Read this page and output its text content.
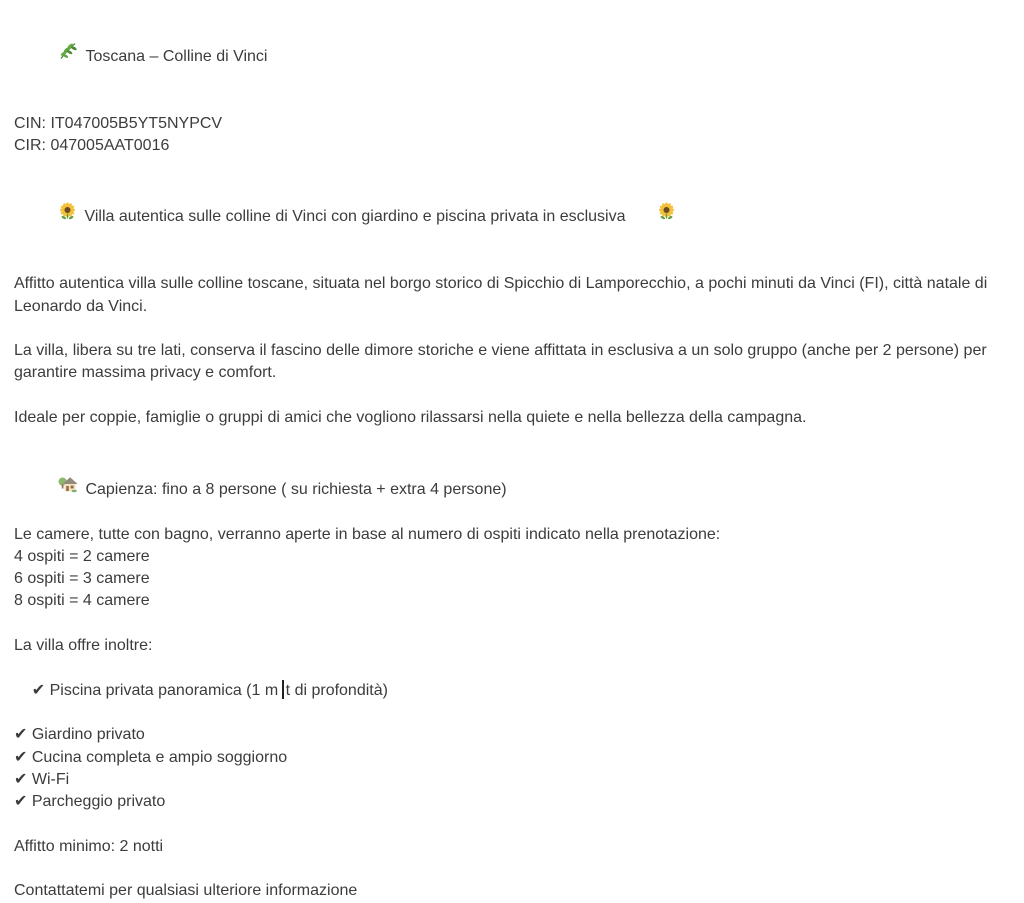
Toscana – Colline di Vinci

CIN: IT047005B5YT5NYPCV
CIR: 047005AAT0016

Villa autentica sulle colline di Vinci con giardino e piscina privata in esclusiva

Affitto autentica villa sulle colline toscane, situata nel borgo storico di Spicchio di Lamporecchio, a pochi minuti da Vinci (FI), città natale di Leonardo da Vinci.
La villa, libera su tre lati, conserva il fascino delle dimore storiche e viene affittata in esclusiva a un solo gruppo (anche per 2 persone) per garantire massima privacy e comfort.
Ideale per coppie, famiglie o gruppi di amici che vogliono rilassarsi nella quiete e nella bellezza della campagna.

Capienza: fino a 8 persone ( su richiesta + extra 4 persone)

Le camere, tutte con bagno, verranno aperte in base al numero di ospiti indicato nella prenotazione:
4 ospiti = 2 camere
6 ospiti = 3 camere
8 ospiti = 4 camere
La villa offre inoltre:

✔ Piscina privata panoramica (1 m t di profondità)

✔ Giardino privato
✔ Cucina completa e ampio soggiorno
✔ Wi-Fi
✔ Parcheggio privato
Affitto minimo: 2 notti
Contattatemi per qualsiasi ulteriore informazione
